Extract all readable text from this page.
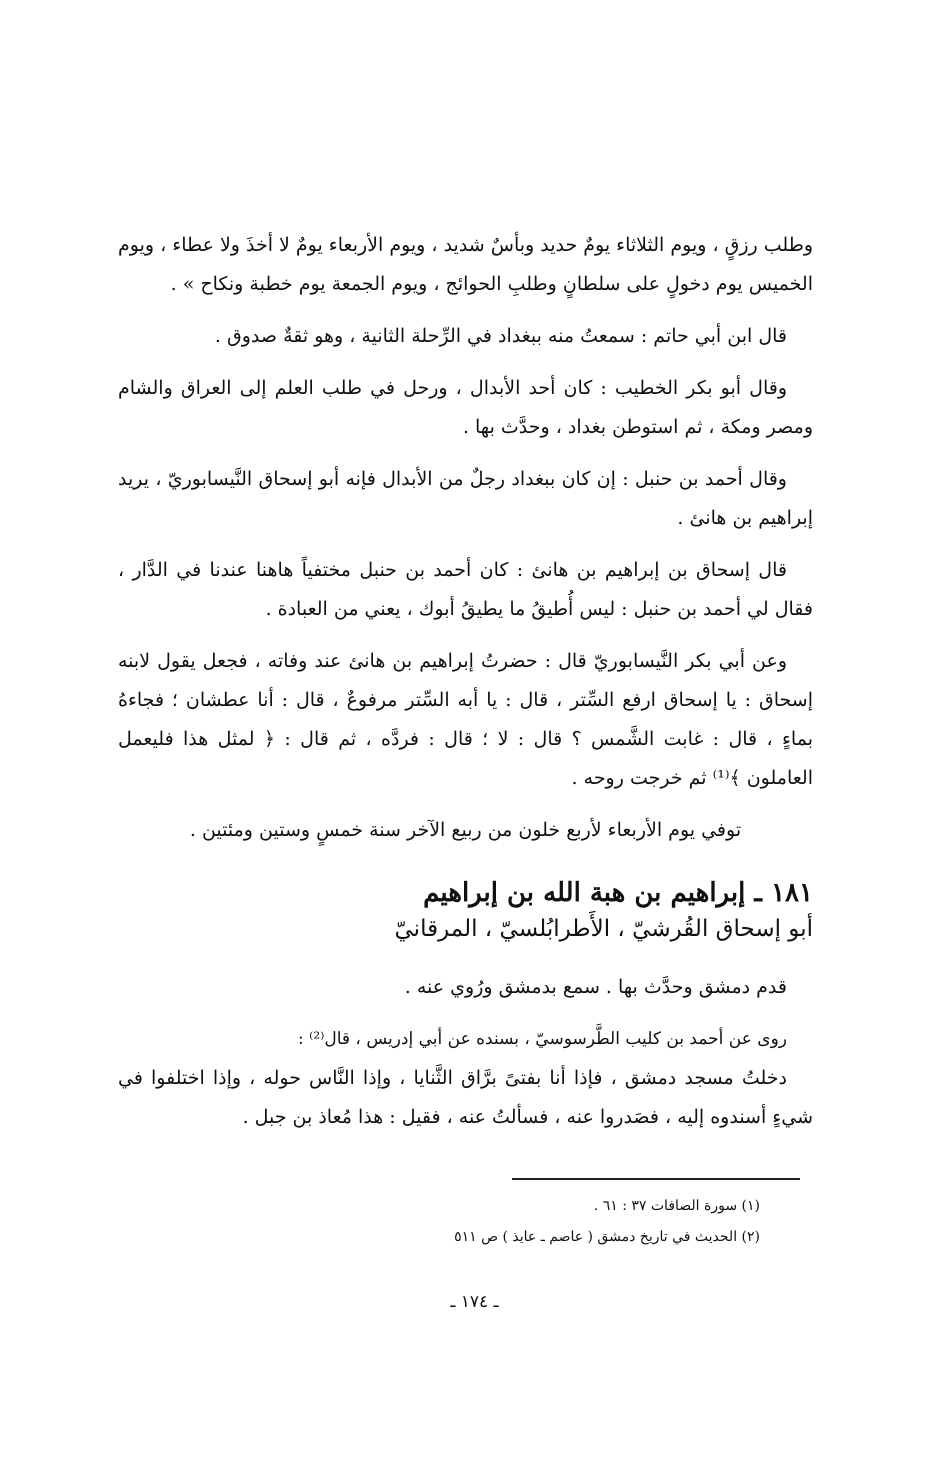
وطلب رزقٍ ، ويوم الثلاثاء يومٌ حديد وبأسٌ شديد ، ويوم الأربعاء يومٌ لا أخذَ ولا عطاء ، ويوم الخميس يوم دخولٍ على سلطانٍ وطلبِ الحوائج ، ويوم الجمعة يوم خطبة ونكاح » .

قال ابن أبي حاتم : سمعتُ منه ببغداد في الرِّحلة الثانية ، وهو ثقةٌ صدوق .

وقال أبو بكر الخطيب : كان أحد الأبدال ، ورحل في طلب العلم إلى العراق والشام ومصر ومكة ، ثم استوطن بغداد ، وحدَّث بها .

وقال أحمد بن حنبل : إن كان ببغداد رجلٌ من الأبدال فإنه أبو إسحاق النَّيسابوريّ ، يريد إبراهيم بن هانئ .

قال إسحاق بن إبراهيم بن هانئ : كان أحمد بن حنبل مختفياً هاهنا عندنا في الدَّار ، فقال لي أحمد بن حنبل : ليس أُطيقُ ما يطيقُ أبوك ، يعني من العبادة .

وعن أبي بكر النَّيسابوريّ قال : حضرتُ إبراهيم بن هانئ عند وفاته ، فجعل يقول لابنه إسحاق : يا إسحاق ارفع السِّتر ، قال : يا أبه السِّتر مرفوعٌ ، قال : أنا عطشان ؛ فجاءهُ بماءٍ ، قال : غابت الشَّمس ؟ قال : لا ؛ قال : فردَّه ، ثم قال : ﴿ لمثل هذا فليعمل العاملون ﴾⁽¹⁾ ثم خرجت روحه .

توفي يوم الأربعاء لأربع خلون من ربيع الآخر سنة خمسٍ وستين ومئتين .

١٨١ ـ إبراهيم بن هبة الله بن إبراهيم
أبو إسحاق القُرشيّ ، الأَطرابُلسيّ ، المرقانيّ

قدم دمشق وحدَّث بها . سمع بدمشق ورُوي عنه .

روى عن أحمد بن كليب الطَّرسوسيّ ، بسنده عن أبي إدريس ، قال⁽²⁾ :

دخلتُ مسجد دمشق ، فإذا أنا بفتىً برَّاق الثَّنايا ، وإذا النَّاس حوله ، وإذا اختلفوا في شيءٍ أسندوه إليه ، فصَدروا عنه ، فسألتُ عنه ، فقيل : هذا مُعاذ بن جبل .

(١) سورة الصافات ٣٧ : ٦١ .

(٢) الحديث في تاريخ دمشق ( عاصم ـ عايذ ) ص ٥١١

ـ ١٧٤ ـ
